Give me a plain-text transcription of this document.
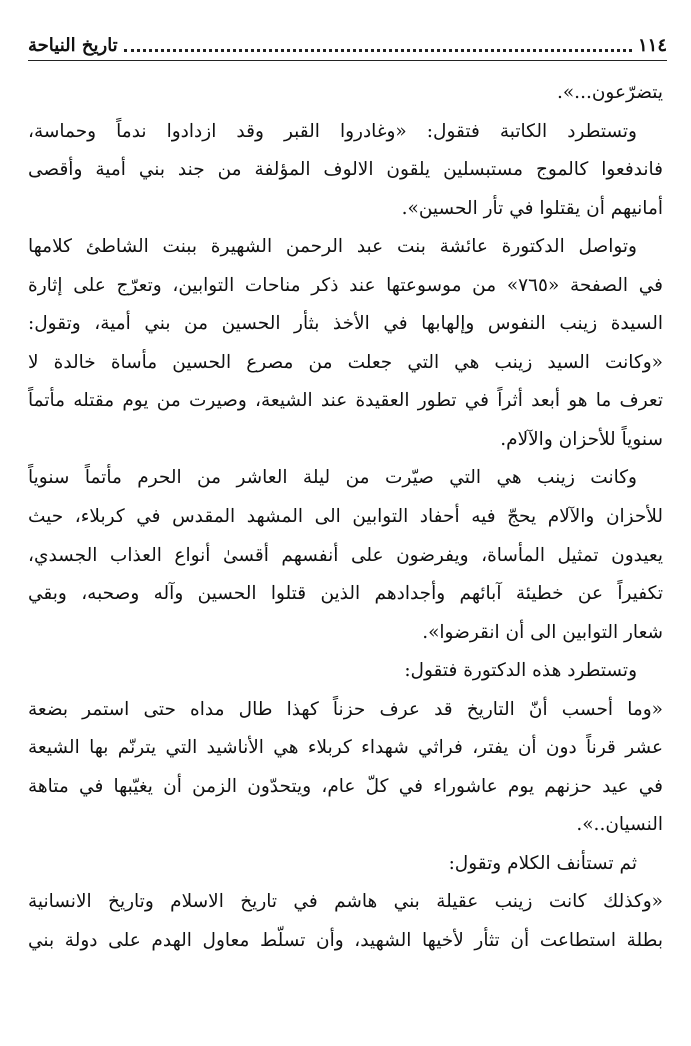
١١٤
تاريخ النياحة
يتضرّعون...».
وتستطرد الكاتبة فتقول: «وغادروا القبر وقد ازدادوا ندماً وحماسة،
فاندفعوا كالموج مستبسلين يلقون الالوف المؤلفة من جند بني أمية وأقصى
أمانيهم أن يقتلوا في تأر الحسين».
وتواصل الدكتورة عائشة بنت عبد الرحمن الشهيرة ببنت الشاطئ كلامها
في الصفحة «٧٦٥» من موسوعتها عند ذكر مناحات التوابين، وتعرّج على إثارة
السيدة زينب النفوس وإلهابها في الأخذ بثأر الحسين من بني أمية، وتقول:
«وكانت السيد زينب هي التي جعلت من مصرع الحسين مأساة خالدة لا
تعرف ما هو أبعد أثراً في تطور العقيدة عند الشيعة، وصيرت من يوم مقتله مأتماً
سنوياً للأحزان والآلام.
وكانت زينب هي التي صيّرت من ليلة العاشر من الحرم مأتماً سنوياً
للأحزان والآلام يحجّ فيه أحفاد التوابين الى المشهد المقدس في كربلاء، حيث
يعيدون تمثيل المأساة، ويفرضون على أنفسهم أقسىٰ أنواع العذاب الجسدي،
تكفيراً عن خطيئة آبائهم وأجدادهم الذين قتلوا الحسين وآله وصحبه، وبقي
شعار التوابين الى أن انقرضوا».
وتستطرد هذه الدكتورة فتقول:
«وما أحسب أنّ التاريخ قد عرف حزناً كهذا طال مداه حتى استمر بضعة
عشر قرناً دون أن يفتر، فراثي شهداء كربلاء هي الأناشيد التي يترنّم بها الشيعة
في عيد حزنهم يوم عاشوراء في كلّ عام، ويتحدّون الزمن أن يغيّبها في متاهة
النسيان..».
ثم تستأنف الكلام وتقول:
«وكذلك كانت زينب عقيلة بني هاشم في تاريخ الاسلام وتاريخ الانسانية
بطلة استطاعت أن تثأر لأخيها الشهيد، وأن تسلّط معاول الهدم على دولة بني
